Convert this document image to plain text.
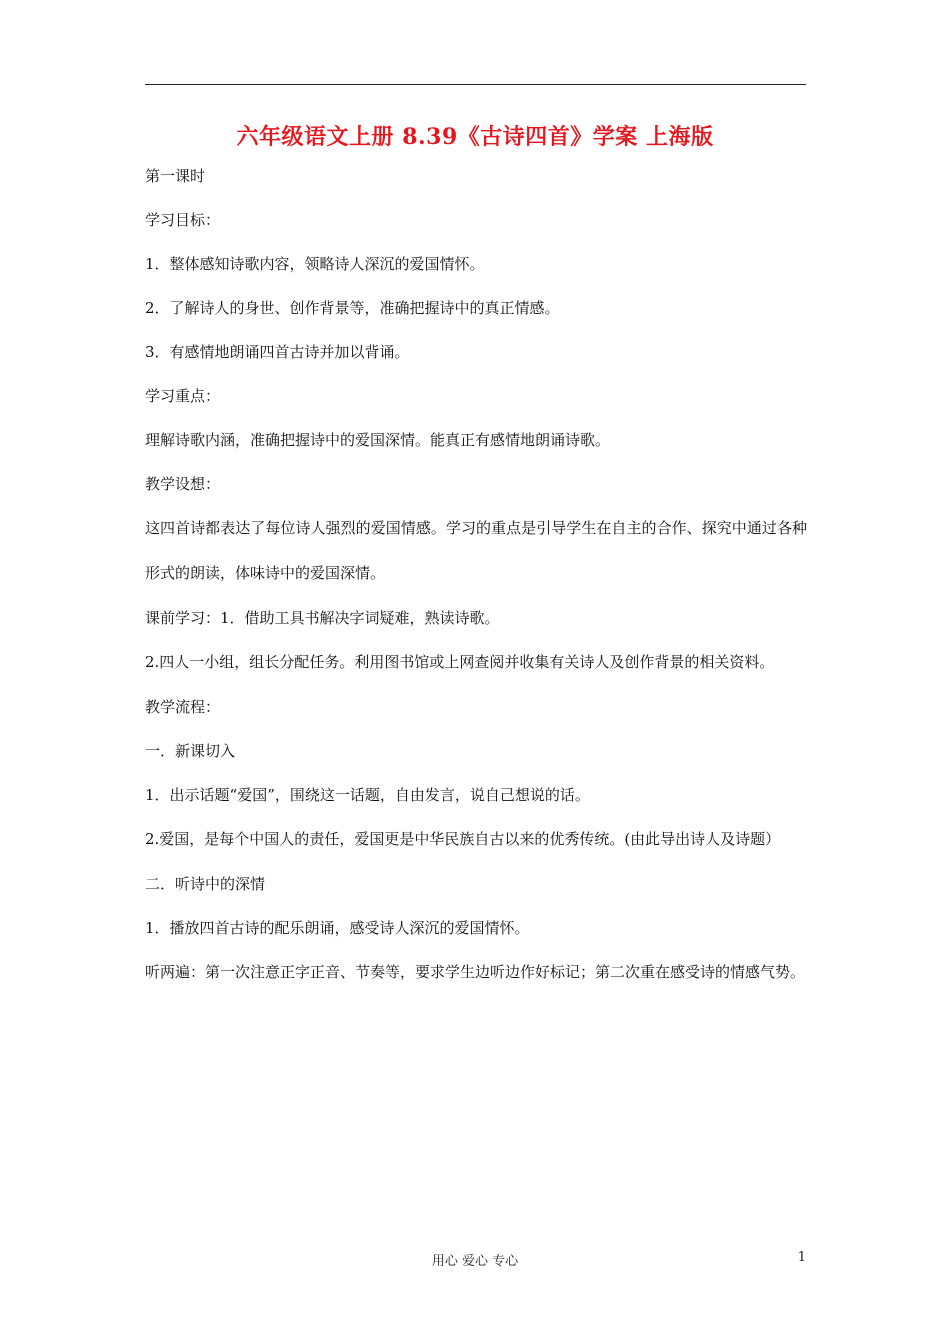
六年级语文上册 8.39《古诗四首》学案 上海版

第一课时

学习目标：

1．整体感知诗歌内容，领略诗人深沉的爱国情怀。

2．了解诗人的身世、创作背景等，准确把握诗中的真正情感。

3．有感情地朗诵四首古诗并加以背诵。

学习重点：

理解诗歌内涵，准确把握诗中的爱国深情。能真正有感情地朗诵诗歌。

教学设想：

这四首诗都表达了每位诗人强烈的爱国情感。学习的重点是引导学生在自主的合作、探究中通过各种形式的朗读，体味诗中的爱国深情。

课前学习：1．借助工具书解决字词疑难，熟读诗歌。

2.四人一小组，组长分配任务。利用图书馆或上网查阅并收集有关诗人及创作背景的相关资料。

教学流程：

一．新课切入

1．出示话题“爱国”，围绕这一话题，自由发言，说自己想说的话。

2.爱国，是每个中国人的责任，爱国更是中华民族自古以来的优秀传统。(由此导出诗人及诗题）

二．听诗中的深情

1．播放四首古诗的配乐朗诵，感受诗人深沉的爱国情怀。

听两遍：第一次注意正字正音、节奏等，要求学生边听边作好标记；第二次重在感受诗的情感气势。

用心 爱心 专心	1
